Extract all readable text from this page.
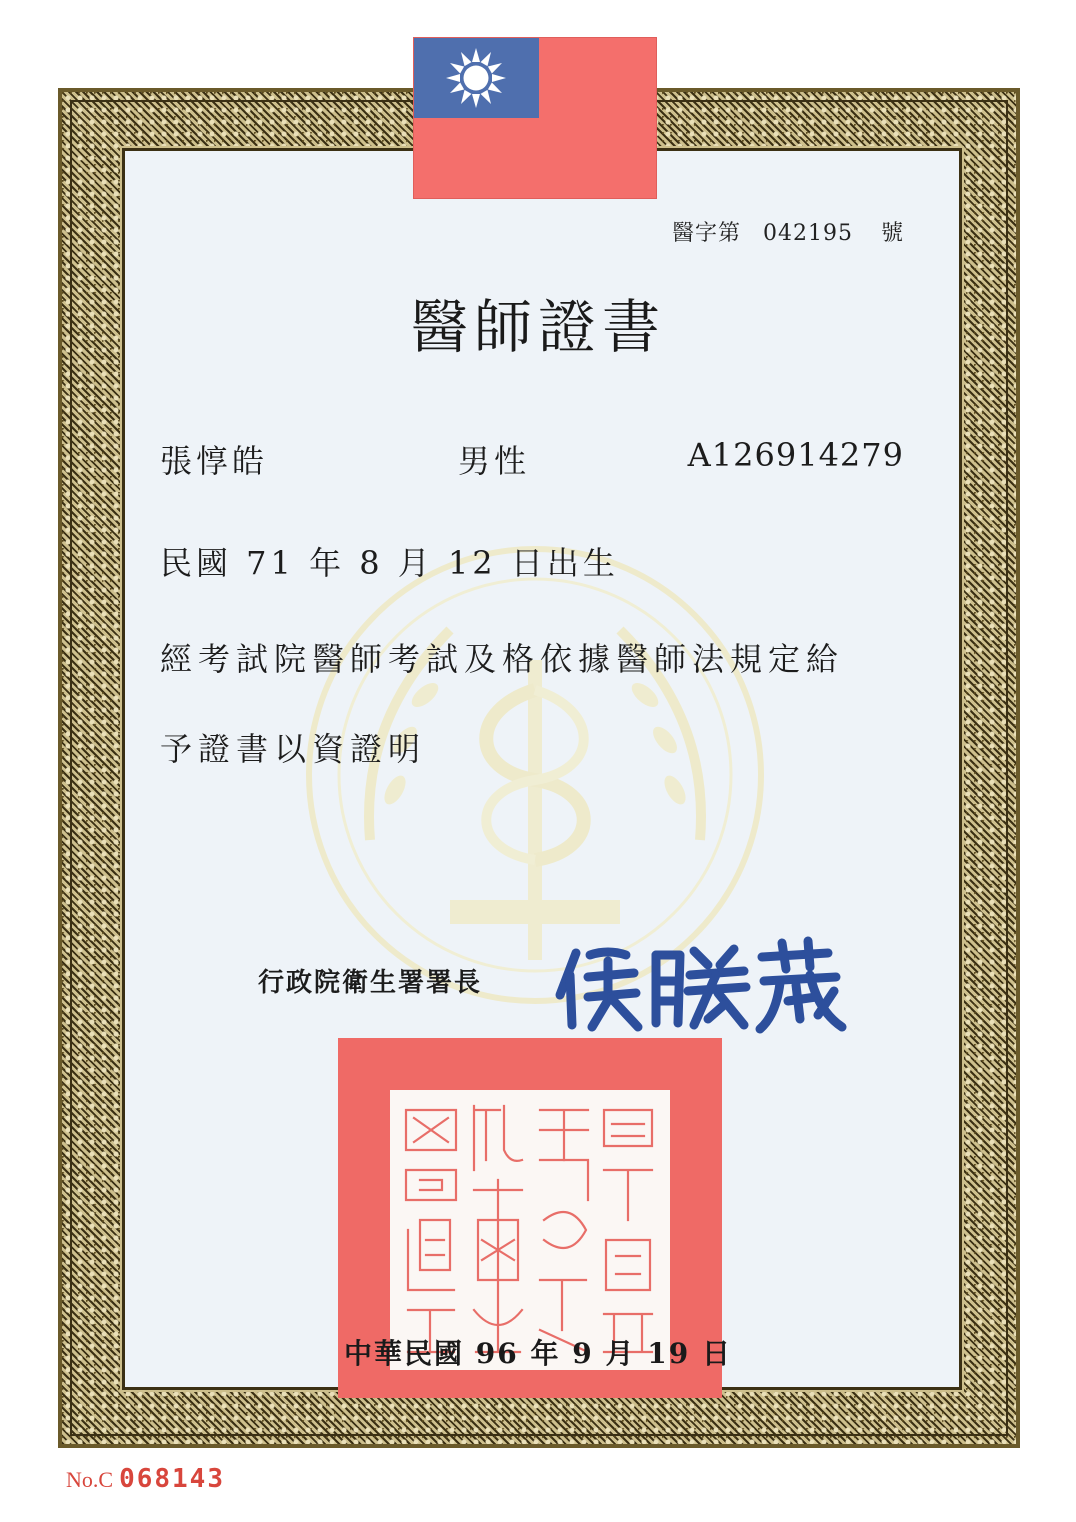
醫字第 042195 號
醫師證書
張惇皓	男性	A126914279
民國 71 年 8 月 12 日出生
經考試院醫師考試及格依據醫師法規定給
予證書以資證明
行政院衛生署署長
中華民國 96 年 9 月 19 日
No.C 068143
